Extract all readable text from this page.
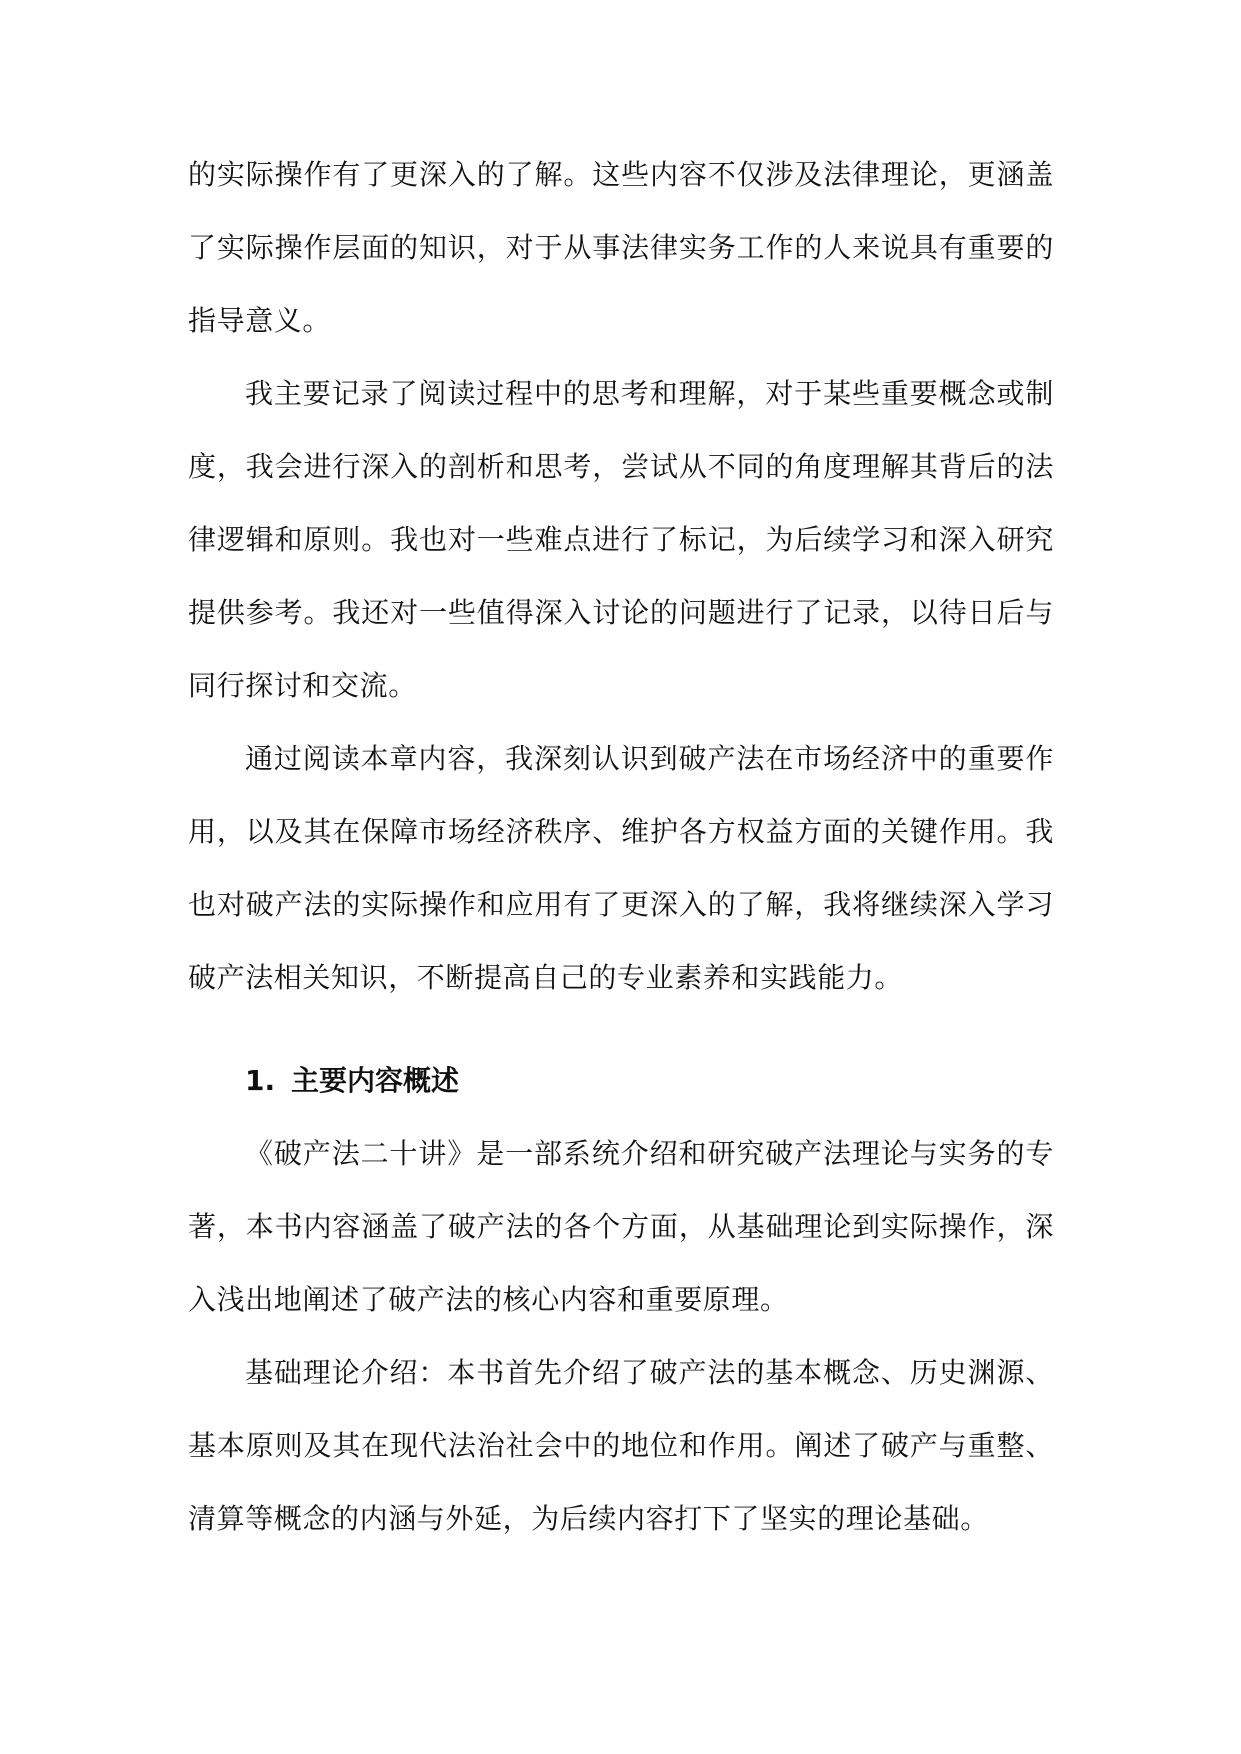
的实际操作有了更深入的了解。这些内容不仅涉及法律理论，更涵盖了实际操作层面的知识，对于从事法律实务工作的人来说具有重要的指导意义。

我主要记录了阅读过程中的思考和理解，对于某些重要概念或制度，我会进行深入的剖析和思考，尝试从不同的角度理解其背后的法律逻辑和原则。我也对一些难点进行了标记，为后续学习和深入研究提供参考。我还对一些值得深入讨论的问题进行了记录，以待日后与同行探讨和交流。

通过阅读本章内容，我深刻认识到破产法在市场经济中的重要作用，以及其在保障市场经济秩序、维护各方权益方面的关键作用。我也对破产法的实际操作和应用有了更深入的了解，我将继续深入学习破产法相关知识，不断提高自己的专业素养和实践能力。

1. 主要内容概述

《破产法二十讲》是一部系统介绍和研究破产法理论与实务的专著，本书内容涵盖了破产法的各个方面，从基础理论到实际操作，深入浅出地阐述了破产法的核心内容和重要原理。

基础理论介绍：本书首先介绍了破产法的基本概念、历史渊源、基本原则及其在现代法治社会中的地位和作用。阐述了破产与重整、清算等概念的内涵与外延，为后续内容打下了坚实的理论基础。
